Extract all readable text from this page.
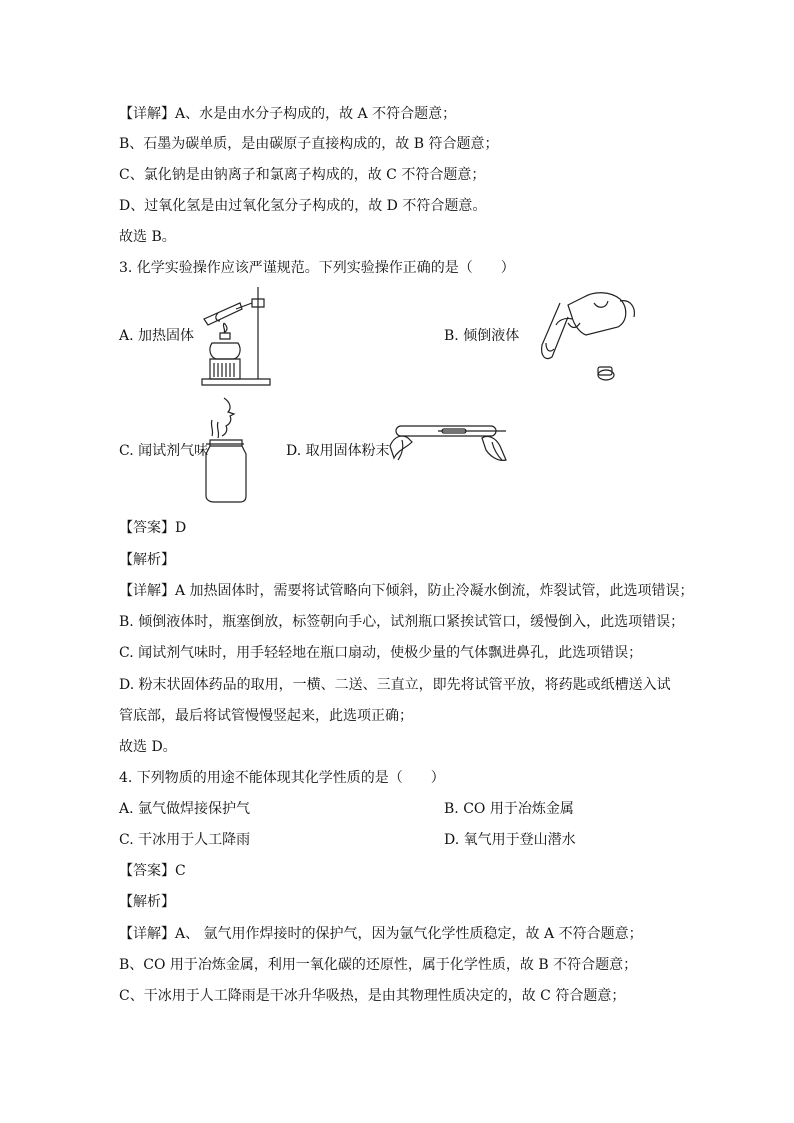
【详解】A、水是由水分子构成的，故 A 不符合题意；
B、石墨为碳单质，是由碳原子直接构成的，故 B 符合题意；
C、氯化钠是由钠离子和氯离子构成的，故 C 不符合题意；
D、过氧化氢是由过氧化氢分子构成的，故 D 不符合题意。
故选 B。
3. 化学实验操作应该严谨规范。下列实验操作正确的是（　　）
A. 加热固体	B. 倾倒液体
C. 闻试剂气味	D. 取用固体粉末
【答案】D
【解析】
【详解】A 加热固体时，需要将试管略向下倾斜，防止冷凝水倒流，炸裂试管，此选项错误；
B. 倾倒液体时，瓶塞倒放，标签朝向手心，试剂瓶口紧挨试管口，缓慢倒入，此选项错误；
C. 闻试剂气味时，用手轻轻地在瓶口扇动，使极少量的气体飘进鼻孔，此选项错误；
D. 粉末状固体药品的取用，一横、二送、三直立，即先将试管平放，将药匙或纸槽送入试
管底部，最后将试管慢慢竖起来，此选项正确；
故选 D。
4. 下列物质的用途不能体现其化学性质的是（　　）
A. 氩气做焊接保护气	B. CO 用于冶炼金属
C. 干冰用于人工降雨	D. 氧气用于登山潜水
【答案】C
【解析】
【详解】A、 氩气用作焊接时的保护气，因为氩气化学性质稳定，故 A 不符合题意；
B、CO 用于冶炼金属，利用一氧化碳的还原性，属于化学性质，故 B 不符合题意；
C、干冰用于人工降雨是干冰升华吸热，是由其物理性质决定的，故 C 符合题意；
